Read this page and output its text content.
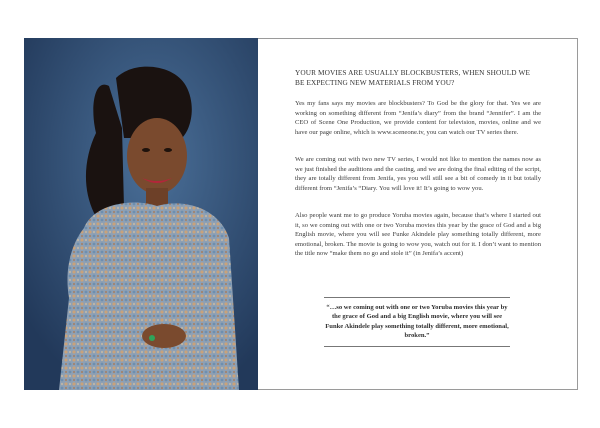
YOUR MOVIES ARE USUALLY BLOCKBUSTERS, WHEN SHOULD WE BE EXPECTING NEW MATERIALS FROM YOU?

Yes my fans says my movies are blockbusters? To God be the glory for that. Yes we are working on something different from “Jenifa’s diary” from the brand “Jennifer”. I am the CEO of Scene One Production, we provide content for television, movies, online and we have our page online, which is www.sceneone.tv, you can watch our TV series there.

We are coming out with two new TV series, I would not like to mention the names now as we just finished the auditions and the casting, and we are doing the final editing of the script, they are totally different from Jenifa, yes you will still see a bit of comedy in it but totally different from “Jenifa’s “Diary. You will love it! It’s going to wow you.

Also people want me to go produce Yoruba movies again, because that’s where I started out it, so we coming out with one or two Yoruba movies this year by the grace of God and a big English movie, where you will see Funke Akindele play something totally different, more emotional, broken. The movie is going to wow you, watch out for it. I don’t want to mention the title now “make them no go and stole it” (in Jenifa’s accent)

“…so we coming out with one or two Yoruba movies this year by the grace of God and a big English movie, where you will see Funke Akindele play something totally different, more emotional, broken.”
